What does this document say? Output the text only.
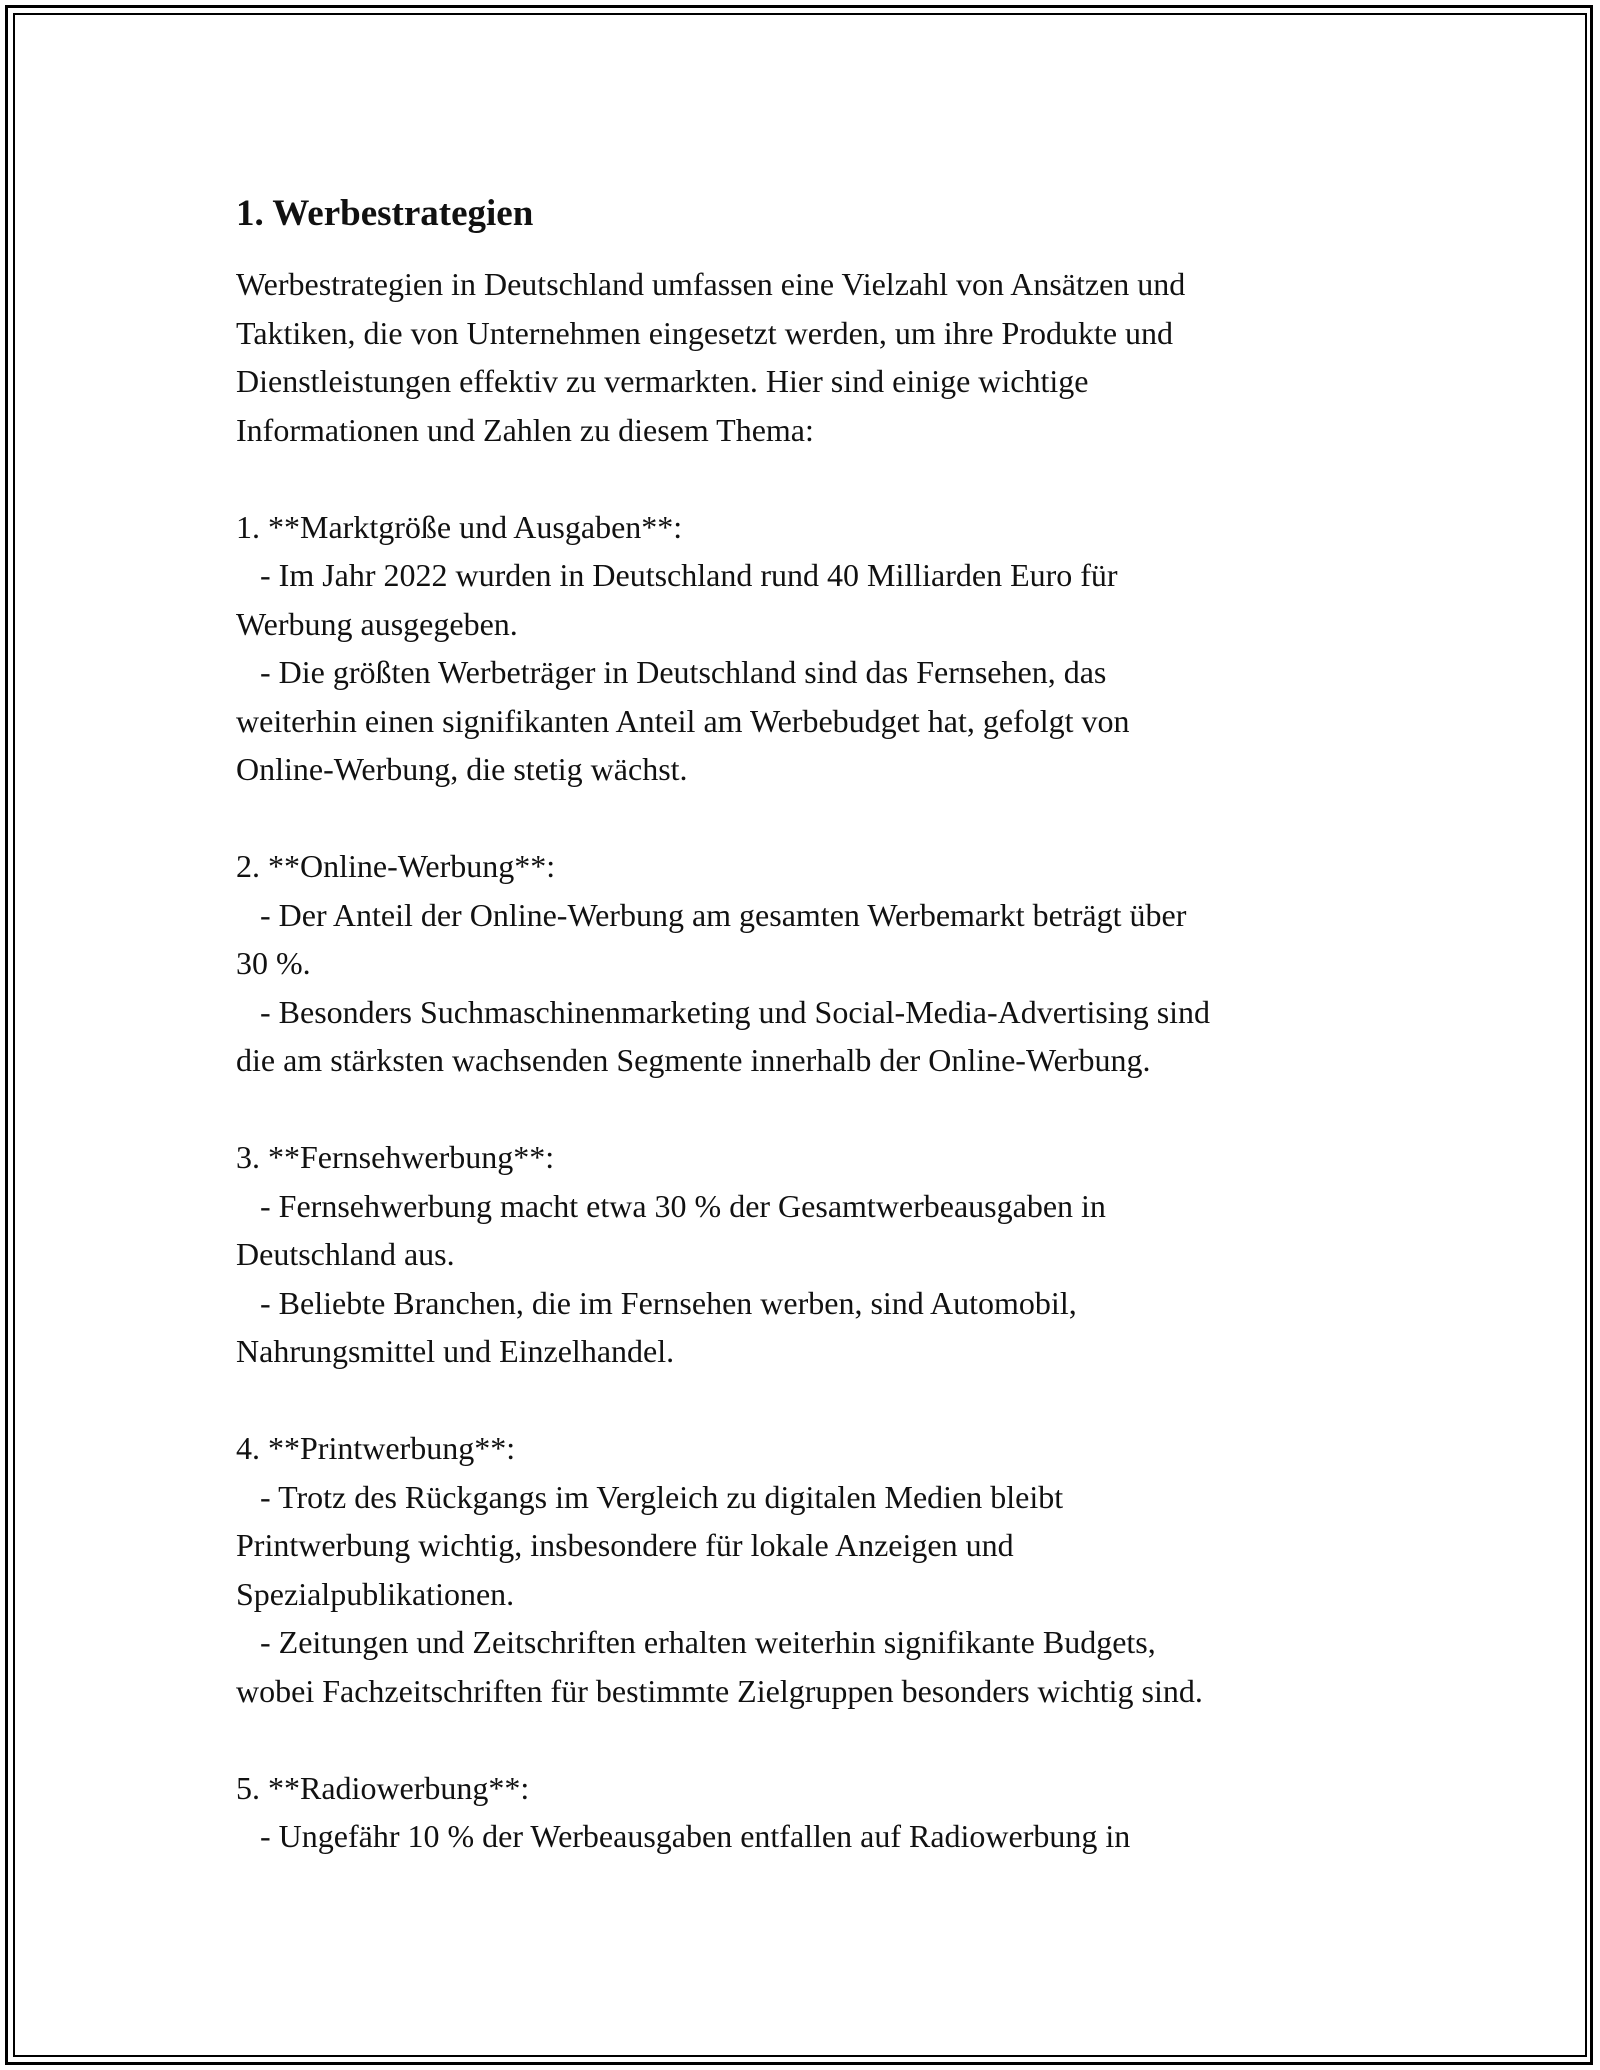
1. Werbestrategien
Werbestrategien in Deutschland umfassen eine Vielzahl von Ansätzen und
Taktiken, die von Unternehmen eingesetzt werden, um ihre Produkte und
Dienstleistungen effektiv zu vermarkten. Hier sind einige wichtige
Informationen und Zahlen zu diesem Thema:
1. **Marktgröße und Ausgaben**:
- Im Jahr 2022 wurden in Deutschland rund 40 Milliarden Euro für
Werbung ausgegeben.
- Die größten Werbeträger in Deutschland sind das Fernsehen, das
weiterhin einen signifikanten Anteil am Werbebudget hat, gefolgt von
Online-Werbung, die stetig wächst.
2. **Online-Werbung**:
- Der Anteil der Online-Werbung am gesamten Werbemarkt beträgt über
30 %.
- Besonders Suchmaschinenmarketing und Social-Media-Advertising sind
die am stärksten wachsenden Segmente innerhalb der Online-Werbung.
3. **Fernsehwerbung**:
- Fernsehwerbung macht etwa 30 % der Gesamtwerbeausgaben in
Deutschland aus.
- Beliebte Branchen, die im Fernsehen werben, sind Automobil,
Nahrungsmittel und Einzelhandel.
4. **Printwerbung**:
- Trotz des Rückgangs im Vergleich zu digitalen Medien bleibt
Printwerbung wichtig, insbesondere für lokale Anzeigen und
Spezialpublikationen.
- Zeitungen und Zeitschriften erhalten weiterhin signifikante Budgets,
wobei Fachzeitschriften für bestimmte Zielgruppen besonders wichtig sind.
5. **Radiowerbung**:
- Ungefähr 10 % der Werbeausgaben entfallen auf Radiowerbung in
